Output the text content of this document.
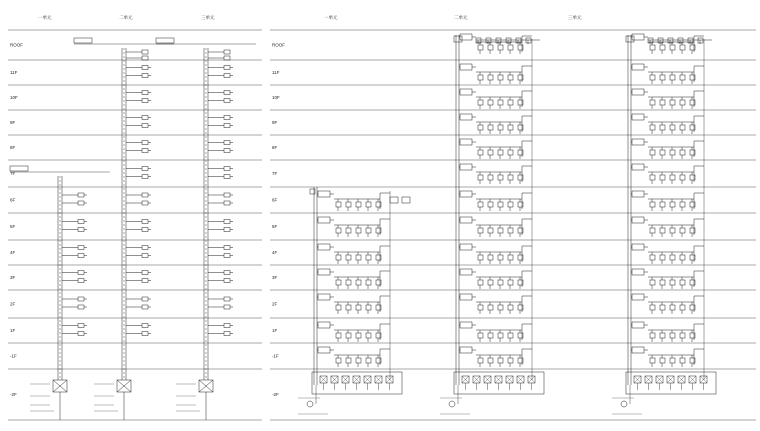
ROOF
11F
10F
9F
8F
7F
6F
5F
4F
3F
2F
1F
-1F
-2F
一单元	二单元	三单元
ROOF
11F
10F
9F
8F
7F
6F
5F
4F
3F
2F
1F
-1F
-2F
一单元	二单元	三单元
